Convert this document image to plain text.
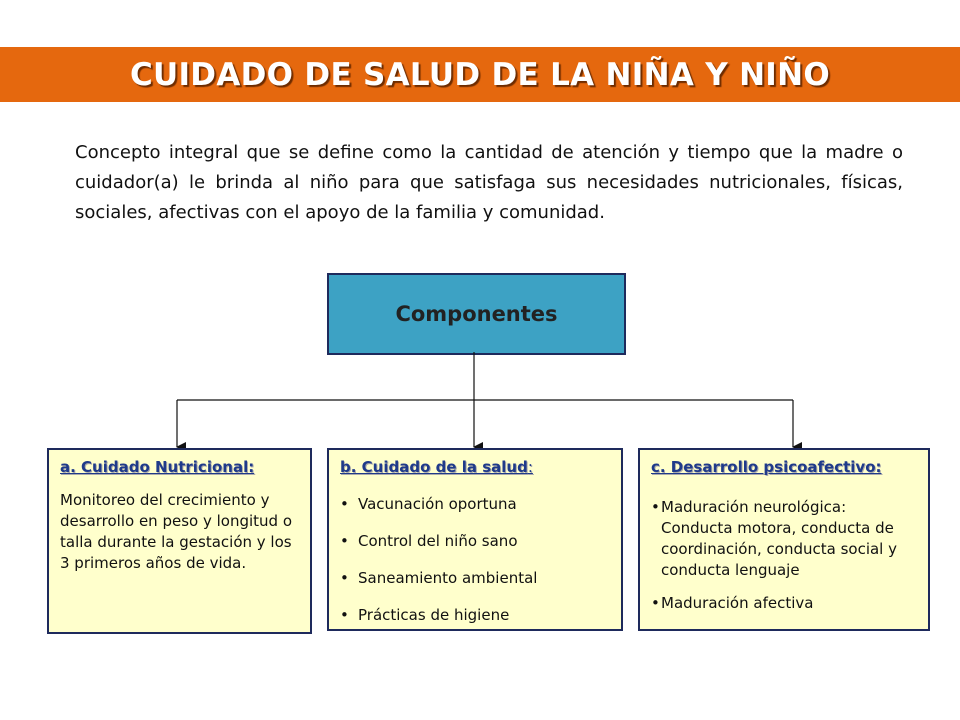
CUIDADO DE SALUD DE LA NIÑA Y NIÑO

Concepto integral que se define como la cantidad de atención y tiempo que la madre o cuidador(a) le brinda al niño para que satisfaga sus necesidades nutricionales, físicas, sociales, afectivas con el apoyo de la familia y comunidad.

Componentes
a. Cuidado Nutricional:

Monitoreo del crecimiento y desarrollo en peso y longitud o talla durante la gestación y los 3 primeros años de vida.

b. Cuidado de la salud:
• Vacunación oportuna
• Control del niño sano
• Saneamiento ambiental
• Prácticas de higiene
c. Desarrollo psicoafectivo:
• Maduración neurológica: Conducta motora, conducta de coordinación, conducta social y conducta lenguaje
• Maduración afectiva
